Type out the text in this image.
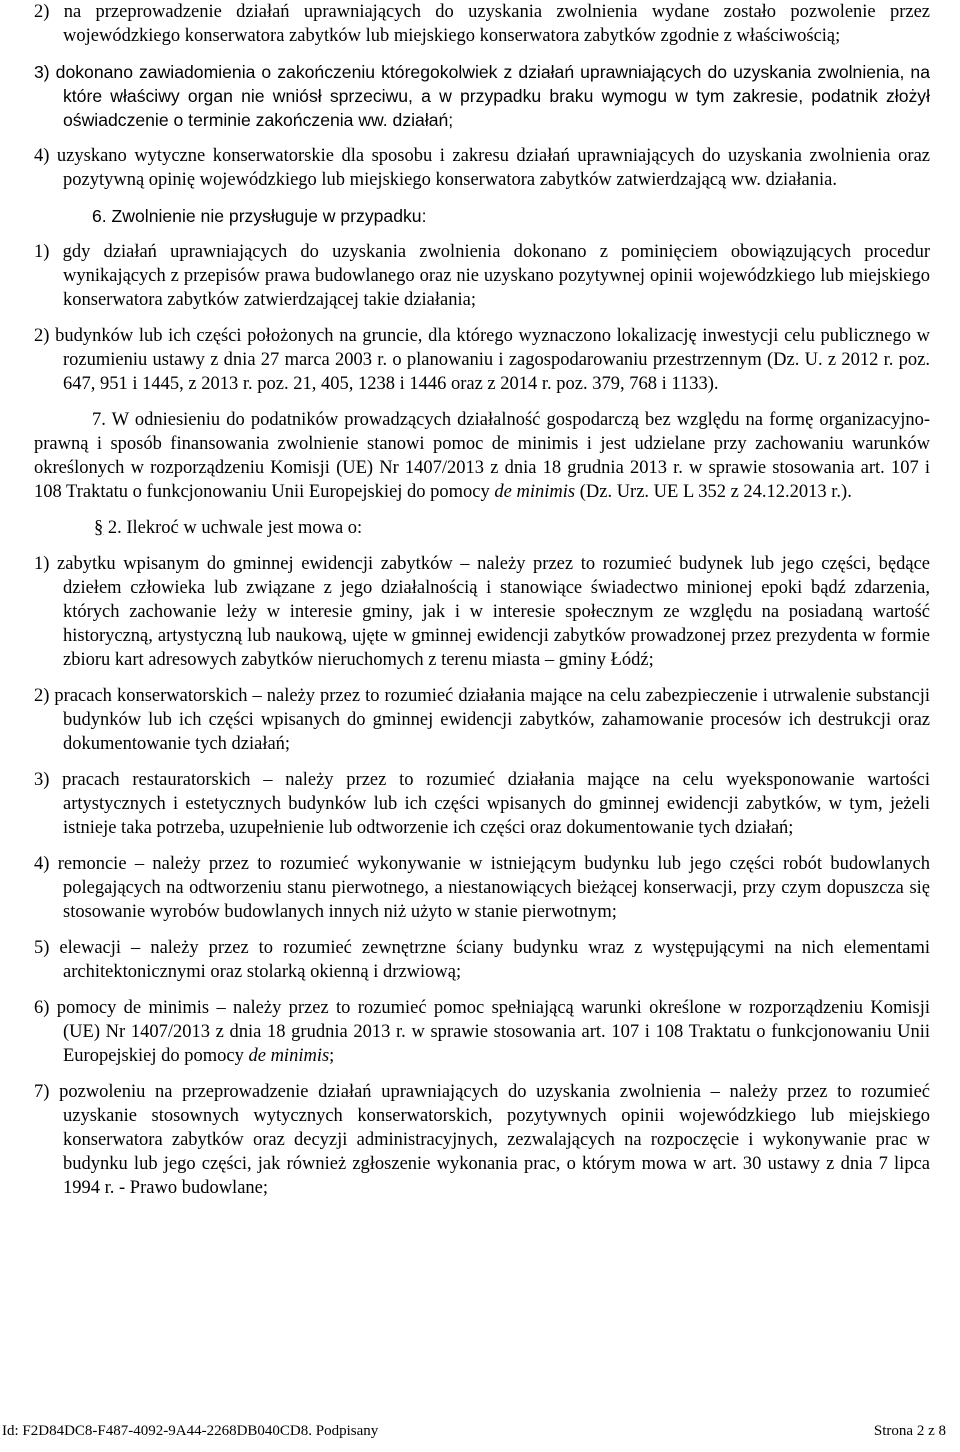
2) na przeprowadzenie działań uprawniających do uzyskania zwolnienia wydane zostało pozwolenie przez wojewódzkiego konserwatora zabytków lub miejskiego konserwatora zabytków zgodnie z właściwością;

3) dokonano zawiadomienia o zakończeniu któregokolwiek z działań uprawniających do uzyskania zwolnienia, na które właściwy organ nie wniósł sprzeciwu, a w przypadku braku wymogu w tym zakresie, podatnik złożył oświadczenie o terminie zakończenia ww. działań;

4) uzyskano wytyczne konserwatorskie dla sposobu i zakresu działań uprawniających do uzyskania zwolnienia oraz pozytywną opinię wojewódzkiego lub miejskiego konserwatora zabytków zatwierdzającą ww. działania.

6. Zwolnienie nie przysługuje w przypadku:

1) gdy działań uprawniających do uzyskania zwolnienia dokonano z pominięciem obowiązujących procedur wynikających z przepisów prawa budowlanego oraz nie uzyskano pozytywnej opinii wojewódzkiego lub miejskiego konserwatora zabytków zatwierdzającej takie działania;

2) budynków lub ich części położonych na gruncie, dla którego wyznaczono lokalizację inwestycji celu publicznego w rozumieniu ustawy z dnia 27 marca 2003 r. o planowaniu i zagospodarowaniu przestrzennym (Dz. U. z 2012 r. poz. 647, 951 i 1445, z 2013 r. poz. 21, 405, 1238 i 1446 oraz z 2014 r. poz. 379, 768 i 1133).

7. W odniesieniu do podatników prowadzących działalność gospodarczą bez względu na formę organizacyjno-prawną i sposób finansowania zwolnienie stanowi pomoc de minimis i jest udzielane przy zachowaniu warunków określonych w rozporządzeniu Komisji (UE) Nr 1407/2013 z dnia 18 grudnia 2013 r. w sprawie stosowania art. 107 i 108 Traktatu o funkcjonowaniu Unii Europejskiej do pomocy de minimis (Dz. Urz. UE L 352 z 24.12.2013 r.).

§ 2. Ilekroć w uchwale jest mowa o:

1) zabytku wpisanym do gminnej ewidencji zabytków – należy przez to rozumieć budynek lub jego części, będące dziełem człowieka lub związane z jego działalnością i stanowiące świadectwo minionej epoki bądź zdarzenia, których zachowanie leży w interesie gminy, jak i w interesie społecznym ze względu na posiadaną wartość historyczną, artystyczną lub naukową, ujęte w gminnej ewidencji zabytków prowadzonej przez prezydenta w formie zbioru kart adresowych zabytków nieruchomych z terenu miasta – gminy Łódź;

2) pracach konserwatorskich – należy przez to rozumieć działania mające na celu zabezpieczenie i utrwalenie substancji budynków lub ich części wpisanych do gminnej ewidencji zabytków, zahamowanie procesów ich destrukcji oraz dokumentowanie tych działań;

3) pracach restauratorskich – należy przez to rozumieć działania mające na celu wyeksponowanie wartości artystycznych i estetycznych budynków lub ich części wpisanych do gminnej ewidencji zabytków, w tym, jeżeli istnieje taka potrzeba, uzupełnienie lub odtworzenie ich części oraz dokumentowanie tych działań;

4) remoncie – należy przez to rozumieć wykonywanie w istniejącym budynku lub jego części robót budowlanych polegających na odtworzeniu stanu pierwotnego, a niestanowiących bieżącej konserwacji, przy czym dopuszcza się stosowanie wyrobów budowlanych innych niż użyto w stanie pierwotnym;

5) elewacji – należy przez to rozumieć zewnętrzne ściany budynku wraz z występującymi na nich elementami architektonicznymi oraz stolarką okienną i drzwiową;

6) pomocy de minimis – należy przez to rozumieć pomoc spełniającą warunki określone w rozporządzeniu Komisji (UE) Nr 1407/2013 z dnia 18 grudnia 2013 r. w sprawie stosowania art. 107 i 108 Traktatu o funkcjonowaniu Unii Europejskiej do pomocy de minimis;

7) pozwoleniu na przeprowadzenie działań uprawniających do uzyskania zwolnienia – należy przez to rozumieć uzyskanie stosownych wytycznych konserwatorskich, pozytywnych opinii wojewódzkiego lub miejskiego konserwatora zabytków oraz decyzji administracyjnych, zezwalających na rozpoczęcie i wykonywanie prac w budynku lub jego części, jak również zgłoszenie wykonania prac, o którym mowa w art. 30 ustawy z dnia 7 lipca 1994 r. - Prawo budowlane;

Id: F2D84DC8-F487-4092-9A44-2268DB040CD8. Podpisany	Strona 2 z 8
